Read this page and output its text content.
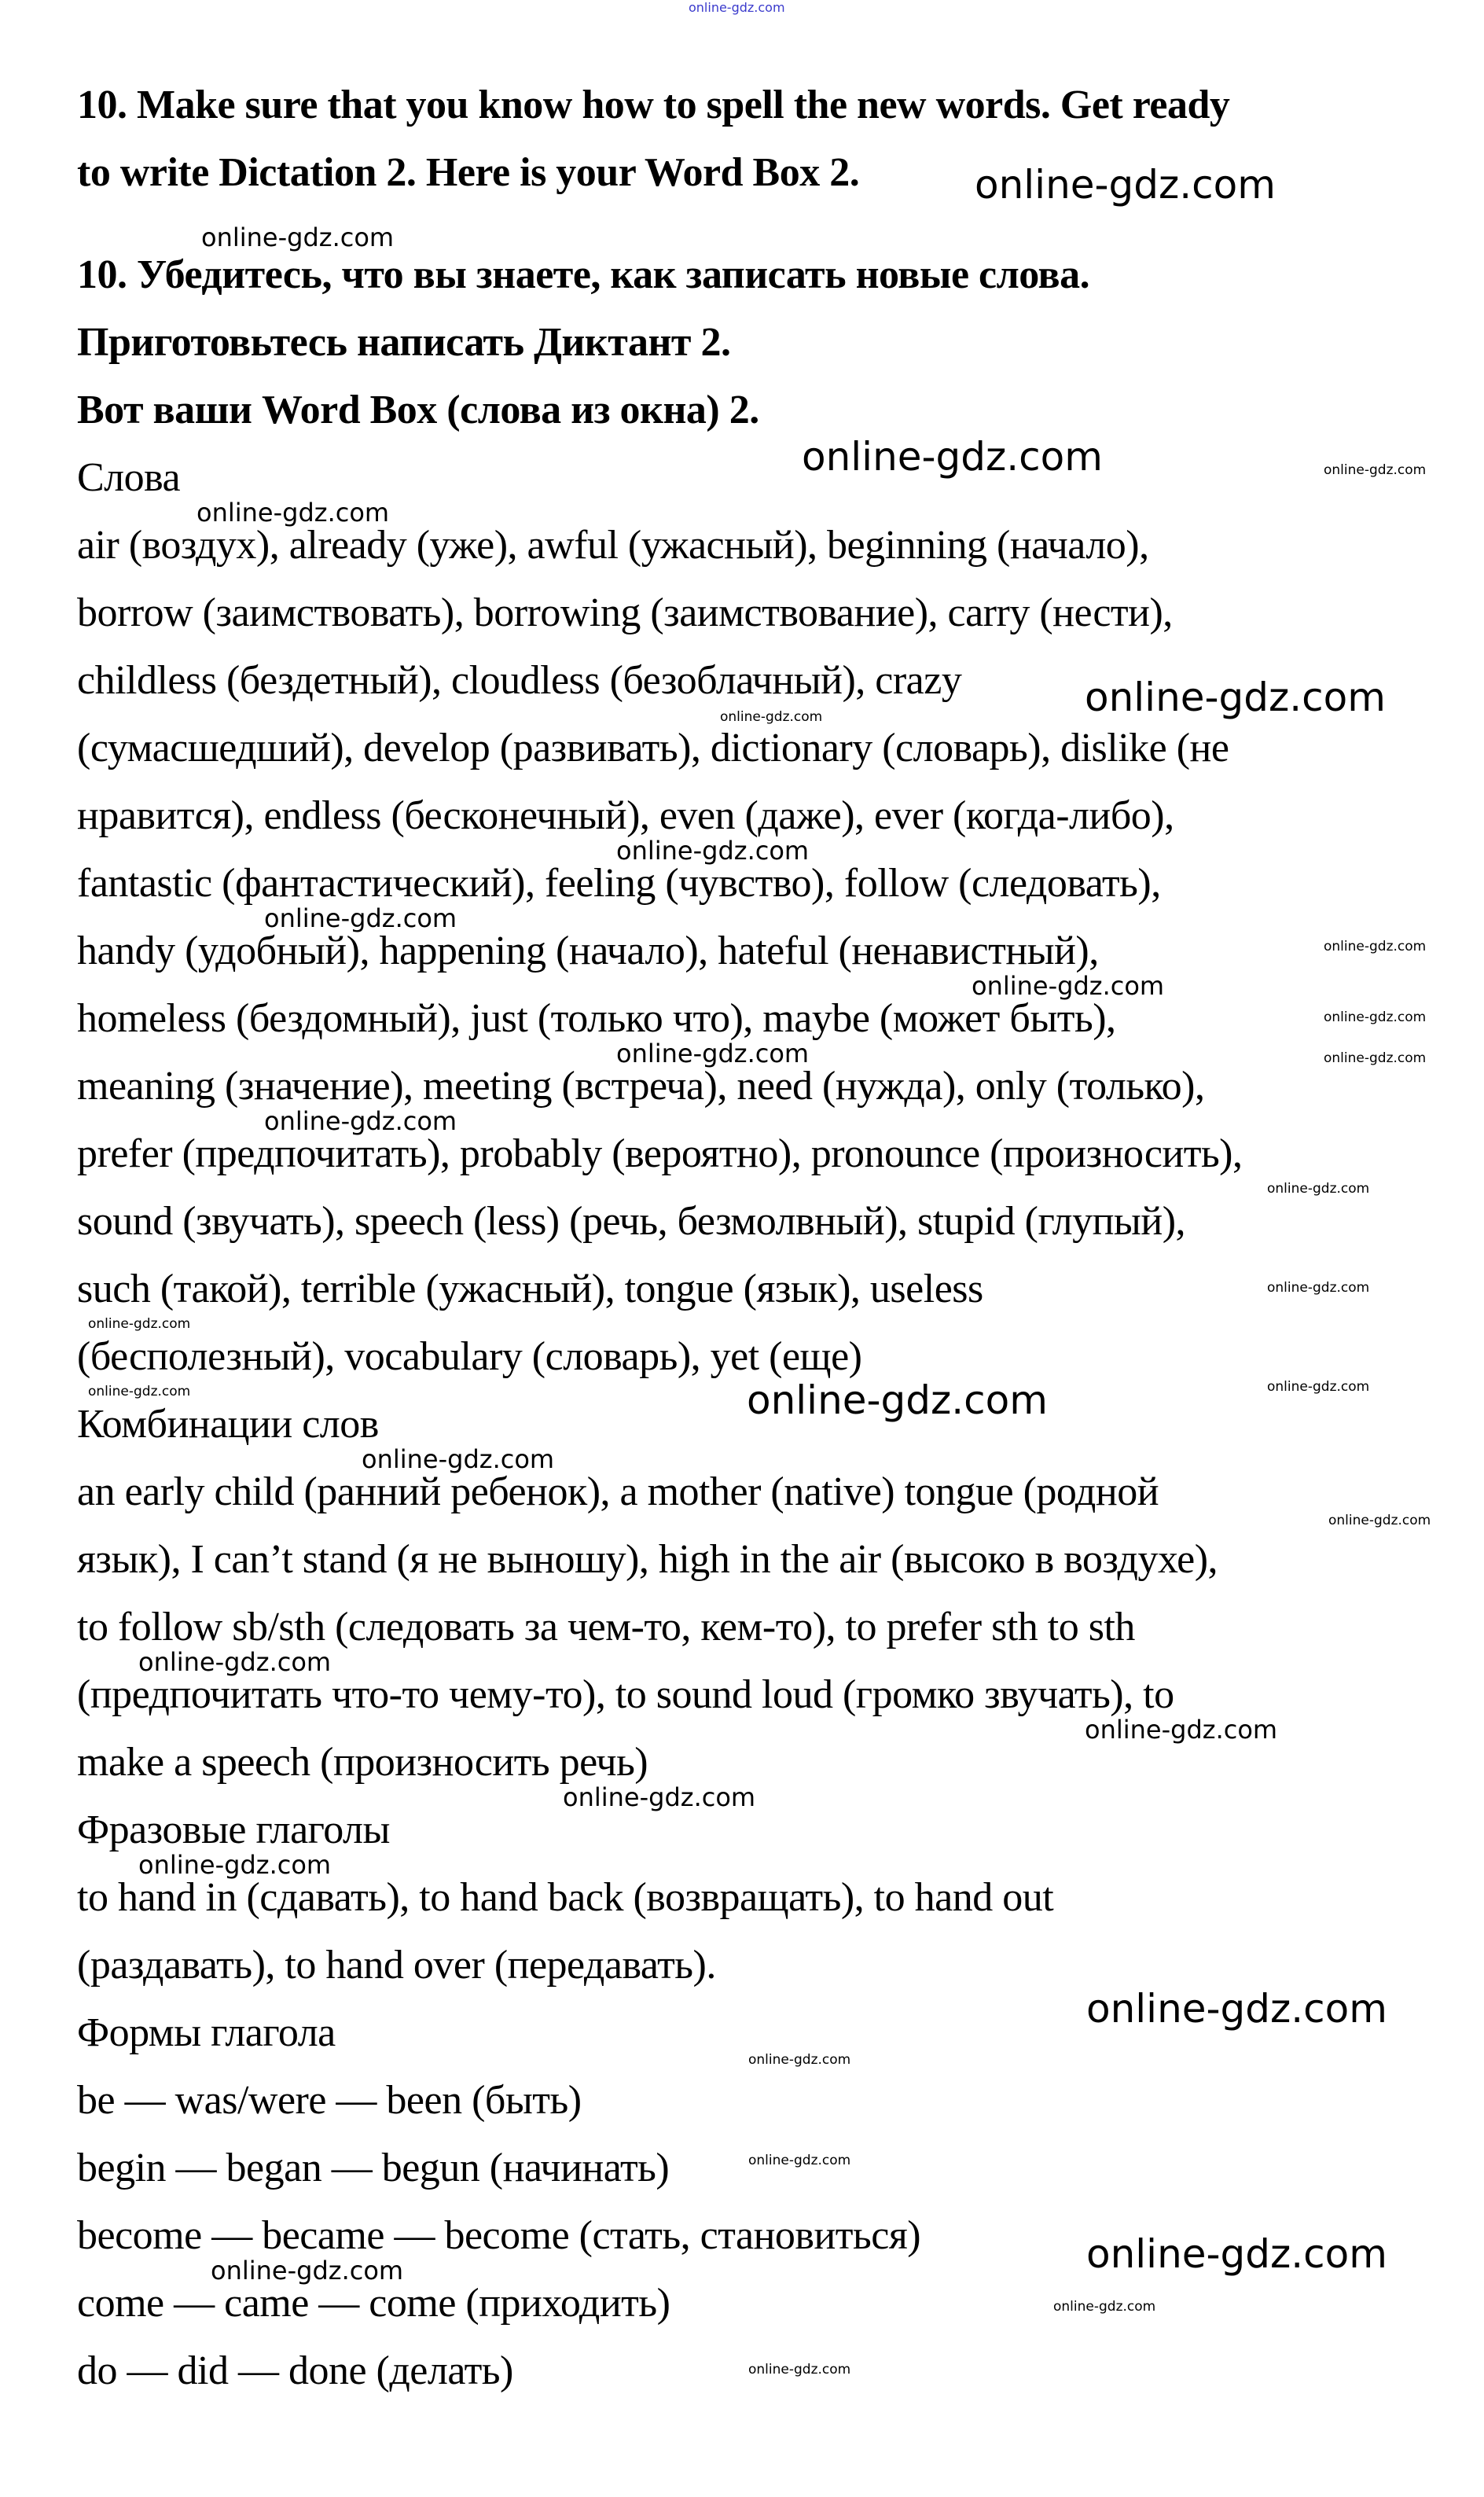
online-gdz.com
10. Make sure that you know how to spell the new words. Get ready
to write Dictation 2. Here is your Word Box 2.
10. Убедитесь, что вы знаете, как записать новые слова.
Приготовьтесь написать Диктант 2.
Вот ваши Word Box (слова из окна) 2.
Слова
air (воздух), already (уже), awful (ужасный), beginning (начало),
borrow (заимствовать), borrowing (заимствование), carry (нести),
childless (бездетный), cloudless (безоблачный), crazy
(сумасшедший), develop (развивать), dictionary (словарь), dislike (не
нравится), endless (бесконечный), even (даже), ever (когда-либо),
fantastic (фантастический), feeling (чувство), follow (следовать),
handy (удобный), happening (начало), hateful (ненавистный),
homeless (бездомный), just (только что), maybe (может быть),
meaning (значение), meeting (встреча), need (нужда), only (только),
prefer (предпочитать), probably (вероятно), pronounce (произносить),
sound (звучать), speech (less) (речь, безмолвный), stupid (глупый),
such (такой), terrible (ужасный), tongue (язык), useless
(бесполезный), vocabulary (словарь), yet (еще)
Комбинации слов
an early child (ранний ребенок), a mother (native) tongue (родной
язык), I can’t stand (я не выношу), high in the air (высоко в воздухе),
to follow sb/sth (следовать за чем-то, кем-то), to prefer sth to sth
(предпочитать что-то чему-то), to sound loud (громко звучать), to
make a speech (произносить речь)
Фразовые глаголы
to hand in (сдавать), to hand back (возвращать), to hand out
(раздавать), to hand over (передавать).
Формы глагола
be — was/were — been (быть)
begin — began — begun (начинать)
become — became — become (стать, становиться)
come — came — come (приходить)
do — did — done (делать)
online-gdz.com
online-gdz.com
online-gdz.com	online-gdz.com
online-gdz.com
online-gdz.com
online-gdz.com
online-gdz.com
online-gdz.com
online-gdz.com
online-gdz.com
online-gdz.com
online-gdz.com	online-gdz.com
online-gdz.com
online-gdz.com
online-gdz.com
online-gdz.com
online-gdz.com
online-gdz.com
online-gdz.com
online-gdz.com
online-gdz.com
online-gdz.com
online-gdz.com
online-gdz.com
online-gdz.com
online-gdz.com
online-gdz.com
online-gdz.com
online-gdz.com
online-gdz.com
online-gdz.com
online-gdz.com
